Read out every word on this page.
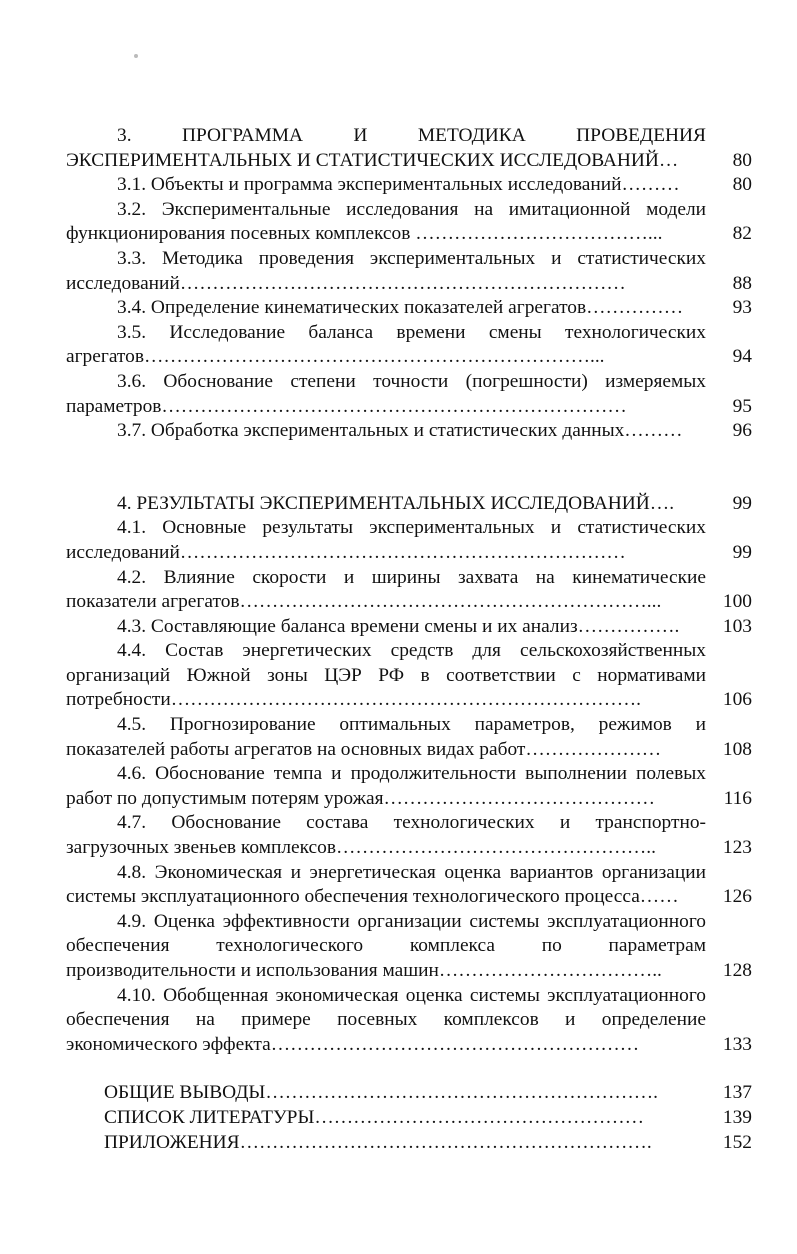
3. ПРОГРАММА И МЕТОДИКА ПРОВЕДЕНИЯ ЭКСПЕРИМЕНТАЛЬНЫХ И СТАТИСТИЧЕСКИХ ИССЛЕДОВАНИЙ…	80
3.1. Объекты и программа экспериментальных исследований………	80
3.2. Экспериментальные исследования на имитационной модели функционирования посевных комплексов ………………………………...	82
3.3. Методика проведения экспериментальных и статистических исследований……………………………………………………………	88
3.4. Определение кинематических показателей агрегатов……………	93
3.5. Исследование баланса времени смены технологических агрегатов……………………………………………………………...	94
3.6. Обоснование степени точности (погрешности) измеряемых параметров………………………………………………………………	95
3.7. Обработка экспериментальных и статистических данных………	96
4. РЕЗУЛЬТАТЫ ЭКСПЕРИМЕНТАЛЬНЫХ ИССЛЕДОВАНИЙ….	99
4.1. Основные результаты экспериментальных и статистических исследований……………………………………………………………	99
4.2. Влияние скорости и ширины захвата на кинематические показатели агрегатов………………………………………………………...	100
4.3. Составляющие баланса времени смены и их анализ…………….	103
4.4. Состав энергетических средств для сельскохозяйственных организаций Южной зоны ЦЭР РФ в соответствии с нормативами потребности……………………………………………………………….	106
4.5. Прогнозирование оптимальных параметров, режимов и показателей работы агрегатов на основных видах работ…………………	108
4.6. Обоснование темпа и продолжительности выполнении полевых работ по допустимым потерям урожая……………………………………	116
4.7. Обоснование состава технологических и транспортно-загрузочных звеньев комплексов…………………………………………..	123
4.8. Экономическая и энергетическая оценка вариантов организации системы эксплуатационного обеспечения технологического процесса……	126
4.9. Оценка эффективности организации системы эксплуатационного обеспечения технологического комплекса по параметрам производительности и использования машин……………………………..	128
4.10. Обобщенная экономическая оценка системы эксплуатационного обеспечения на примере посевных комплексов и определение экономического эффекта…………………………………………………	133
ОБЩИЕ ВЫВОДЫ…………………………………………………….	137
СПИСОК ЛИТЕРАТУРЫ……………………………………………	139
ПРИЛОЖЕНИЯ……………………………………………………….	152
